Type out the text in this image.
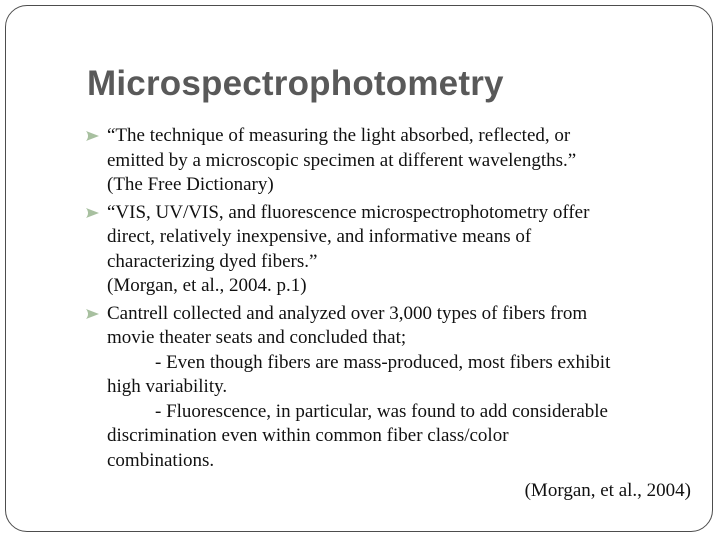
Microspectrophotometry
“The technique of measuring the light absorbed, reflected, or
emitted by a microscopic specimen at different wavelengths.”
(The Free Dictionary)
“VIS, UV/VIS, and fluorescence microspectrophotometry offer
direct, relatively inexpensive, and informative means of
characterizing dyed fibers.”
(Morgan, et al., 2004. p.1)
Cantrell collected and analyzed over 3,000 types of fibers from
movie theater seats and concluded that;
- Even though fibers are mass-produced, most fibers exhibit
high variability.
- Fluorescence, in particular, was found to add considerable
discrimination even within common fiber class/color
combinations.
(Morgan, et al., 2004)
